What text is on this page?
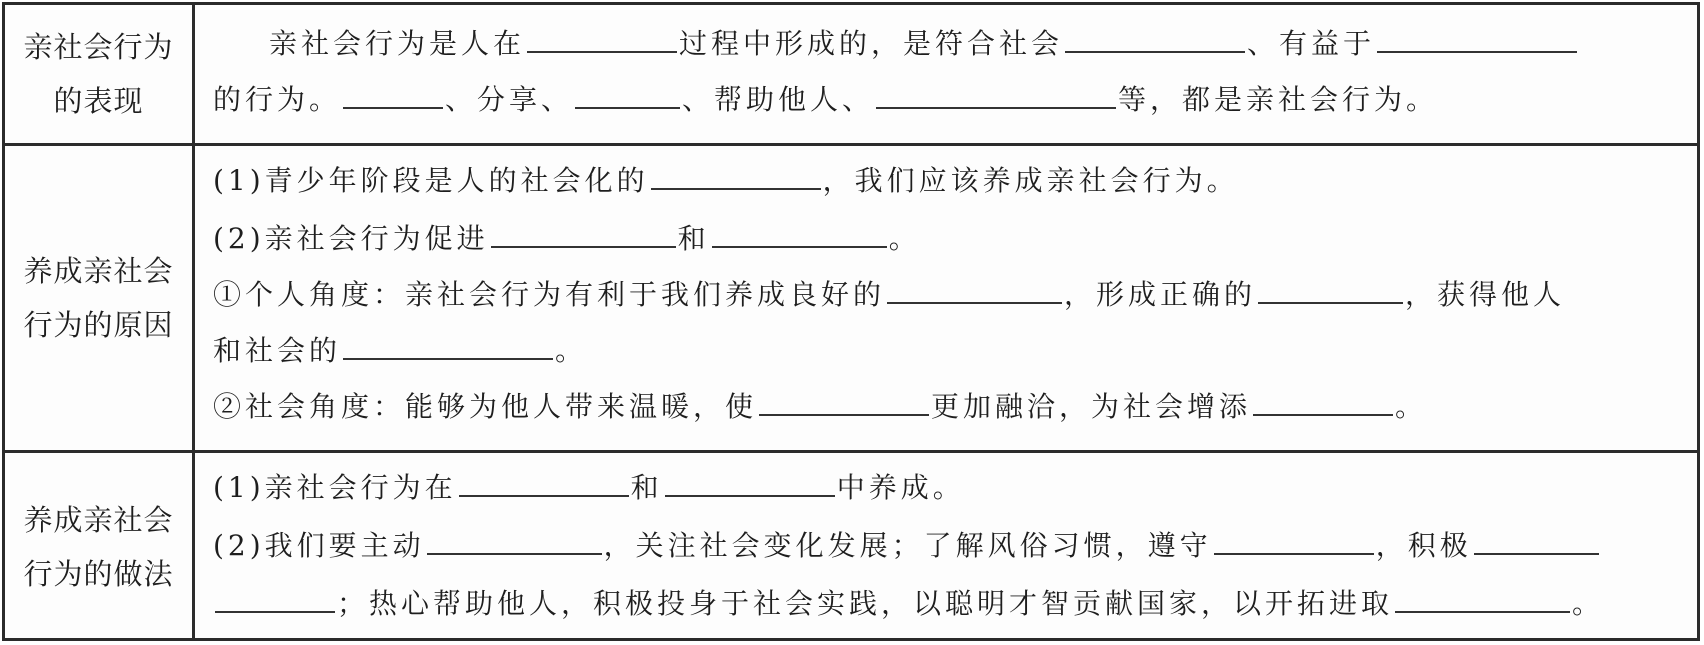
亲社会行为的表现
亲社会行为是人在	过程中形成的，是符合社会	、有益于
的行为。	、分享、	、帮助他人、	等，都是亲社会行为。
养成亲社会行为的原因
(1)青少年阶段是人的社会化的	，我们应该养成亲社会行为。
(2)亲社会行为促进	和	。
①个人角度：亲社会行为有利于我们养成良好的	，形成正确的	，获得他人
和社会的	。
②社会角度：能够为他人带来温暖，使	更加融洽，为社会增添	。
养成亲社会行为的做法
(1)亲社会行为在	和	中养成。
(2)我们要主动	，关注社会变化发展；了解风俗习惯，遵守	，积极
；热心帮助他人，积极投身于社会实践，以聪明才智贡献国家，以开拓进取	。
